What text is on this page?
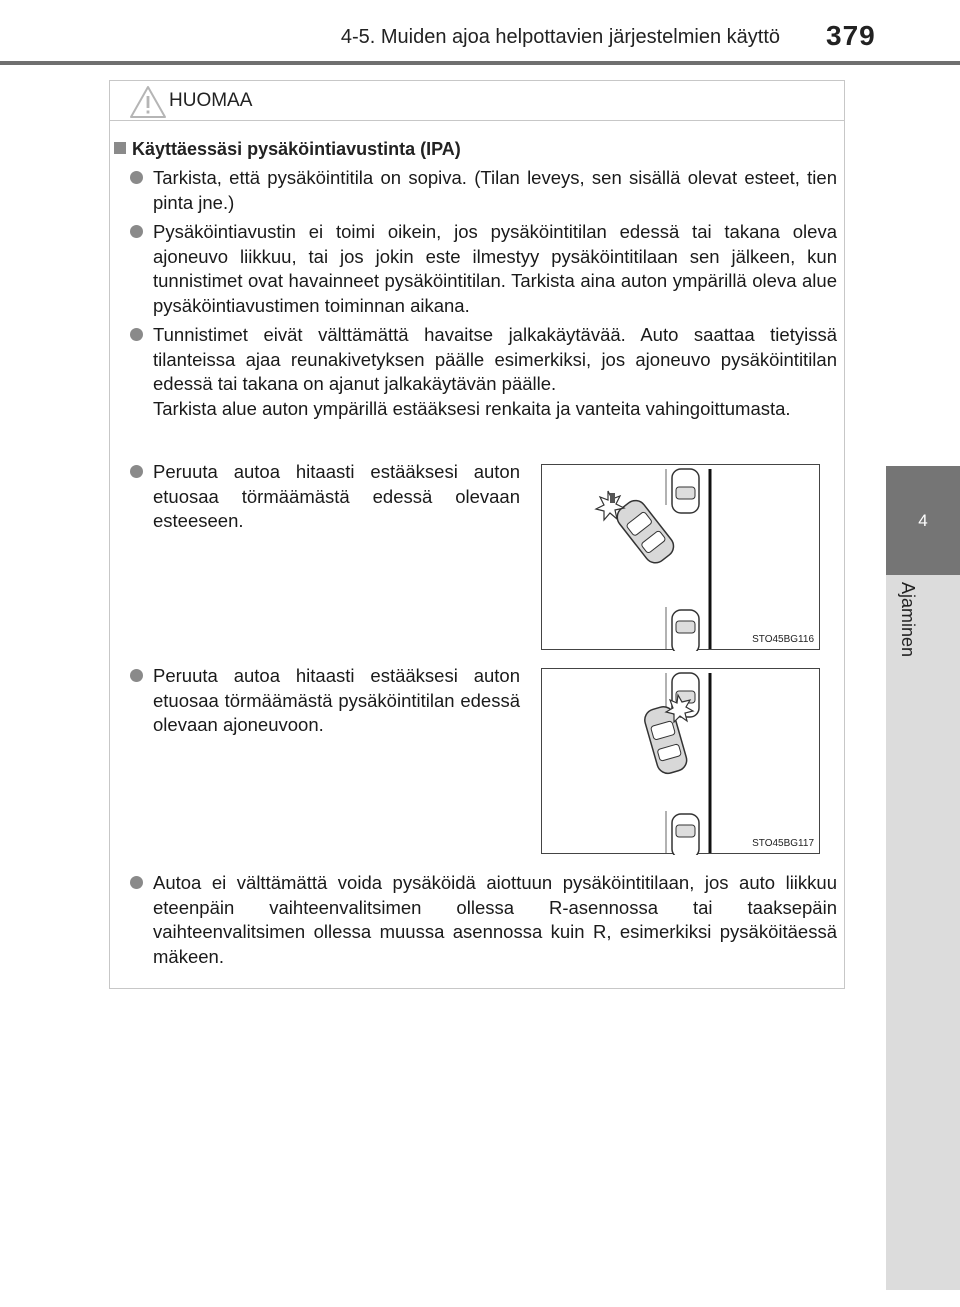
4-5. Muiden ajoa helpottavien järjestelmien käyttö 379
4
Ajaminen
HUOMAA
Käyttäessäsi pysäköintiavustinta (IPA)
Tarkista, että pysäköintitila on sopiva. (Tilan leveys, sen sisällä olevat esteet, tien pinta jne.)
Pysäköintiavustin ei toimi oikein, jos pysäköintitilan edessä tai takana oleva ajoneuvo liikkuu, tai jos jokin este ilmestyy pysäköintitilaan sen jälkeen, kun tunnistimet ovat havainneet pysäköintitilan. Tarkista aina auton ympärillä oleva alue pysäköintiavustimen toiminnan aikana.
Tunnistimet eivät välttämättä havaitse jalkakäytävää. Auto saattaa tietyissä tilanteissa ajaa reunakivetyksen päälle esimerkiksi, jos ajoneuvo pysäköintitilan edessä tai takana on ajanut jalkakäytävän päälle.
Tarkista alue auton ympärillä estääksesi renkaita ja vanteita vahingoittumasta.
Peruuta autoa hitaasti estääksesi auton etuosaa törmäämästä edessä olevaan esteeseen.
STO45BG116
Peruuta autoa hitaasti estääksesi auton etuosaa törmäämästä pysäköintitilan edessä olevaan ajoneuvoon.
STO45BG117
Autoa ei välttämättä voida pysäköidä aiottuun pysäköintitilaan, jos auto liikkuu eteenpäin vaihteenvalitsimen ollessa R-asennossa tai taaksepäin vaihteenvalitsimen ollessa muussa asennossa kuin R, esimerkiksi pysäköitäessä mäkeen.
